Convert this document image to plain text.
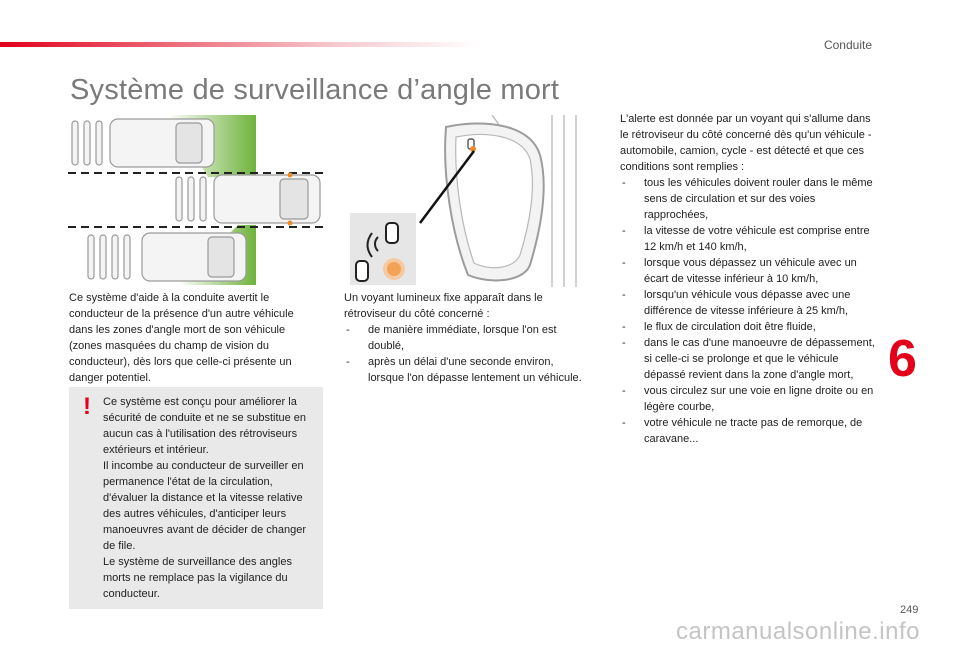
Conduite
Système de surveillance d’angle mort

Ce système d'aide à la conduite avertit le conducteur de la présence d'un autre véhicule dans les zones d'angle mort de son véhicule (zones masquées du champ de vision du conducteur), dès lors que celle-ci présente un danger potentiel.

! Ce système est conçu pour améliorer la sécurité de conduite et ne se substitue en aucun cas à l'utilisation des rétroviseurs extérieurs et intérieur.
Il incombe au conducteur de surveiller en permanence l'état de la circulation, d'évaluer la distance et la vitesse relative des autres véhicules, d'anticiper leurs manoeuvres avant de décider de changer de file.
Le système de surveillance des angles morts ne remplace pas la vigilance du conducteur.
Un voyant lumineux fixe apparaît dans le rétroviseur du côté concerné :
- de manière immédiate, lorsque l'on est doublé,
- après un délai d'une seconde environ, lorsque l'on dépasse lentement un véhicule.
L'alerte est donnée par un voyant qui s'allume dans le rétroviseur du côté concerné dès qu'un véhicule - automobile, camion, cycle - est détecté et que ces conditions sont remplies :
- tous les véhicules doivent rouler dans le même sens de circulation et sur des voies rapprochées,
- la vitesse de votre véhicule est comprise entre 12 km/h et 140 km/h,
- lorsque vous dépassez un véhicule avec un écart de vitesse inférieur à 10 km/h,
- lorsqu'un véhicule vous dépasse avec une différence de vitesse inférieure à 25 km/h,
- le flux de circulation doit être fluide,
- dans le cas d'une manoeuvre de dépassement, si celle-ci se prolonge et que le véhicule dépassé revient dans la zone d'angle mort,
- vous circulez sur une voie en ligne droite ou en légère courbe,
- votre véhicule ne tracte pas de remorque, de caravane...
6
249
carmanualsonline.info
